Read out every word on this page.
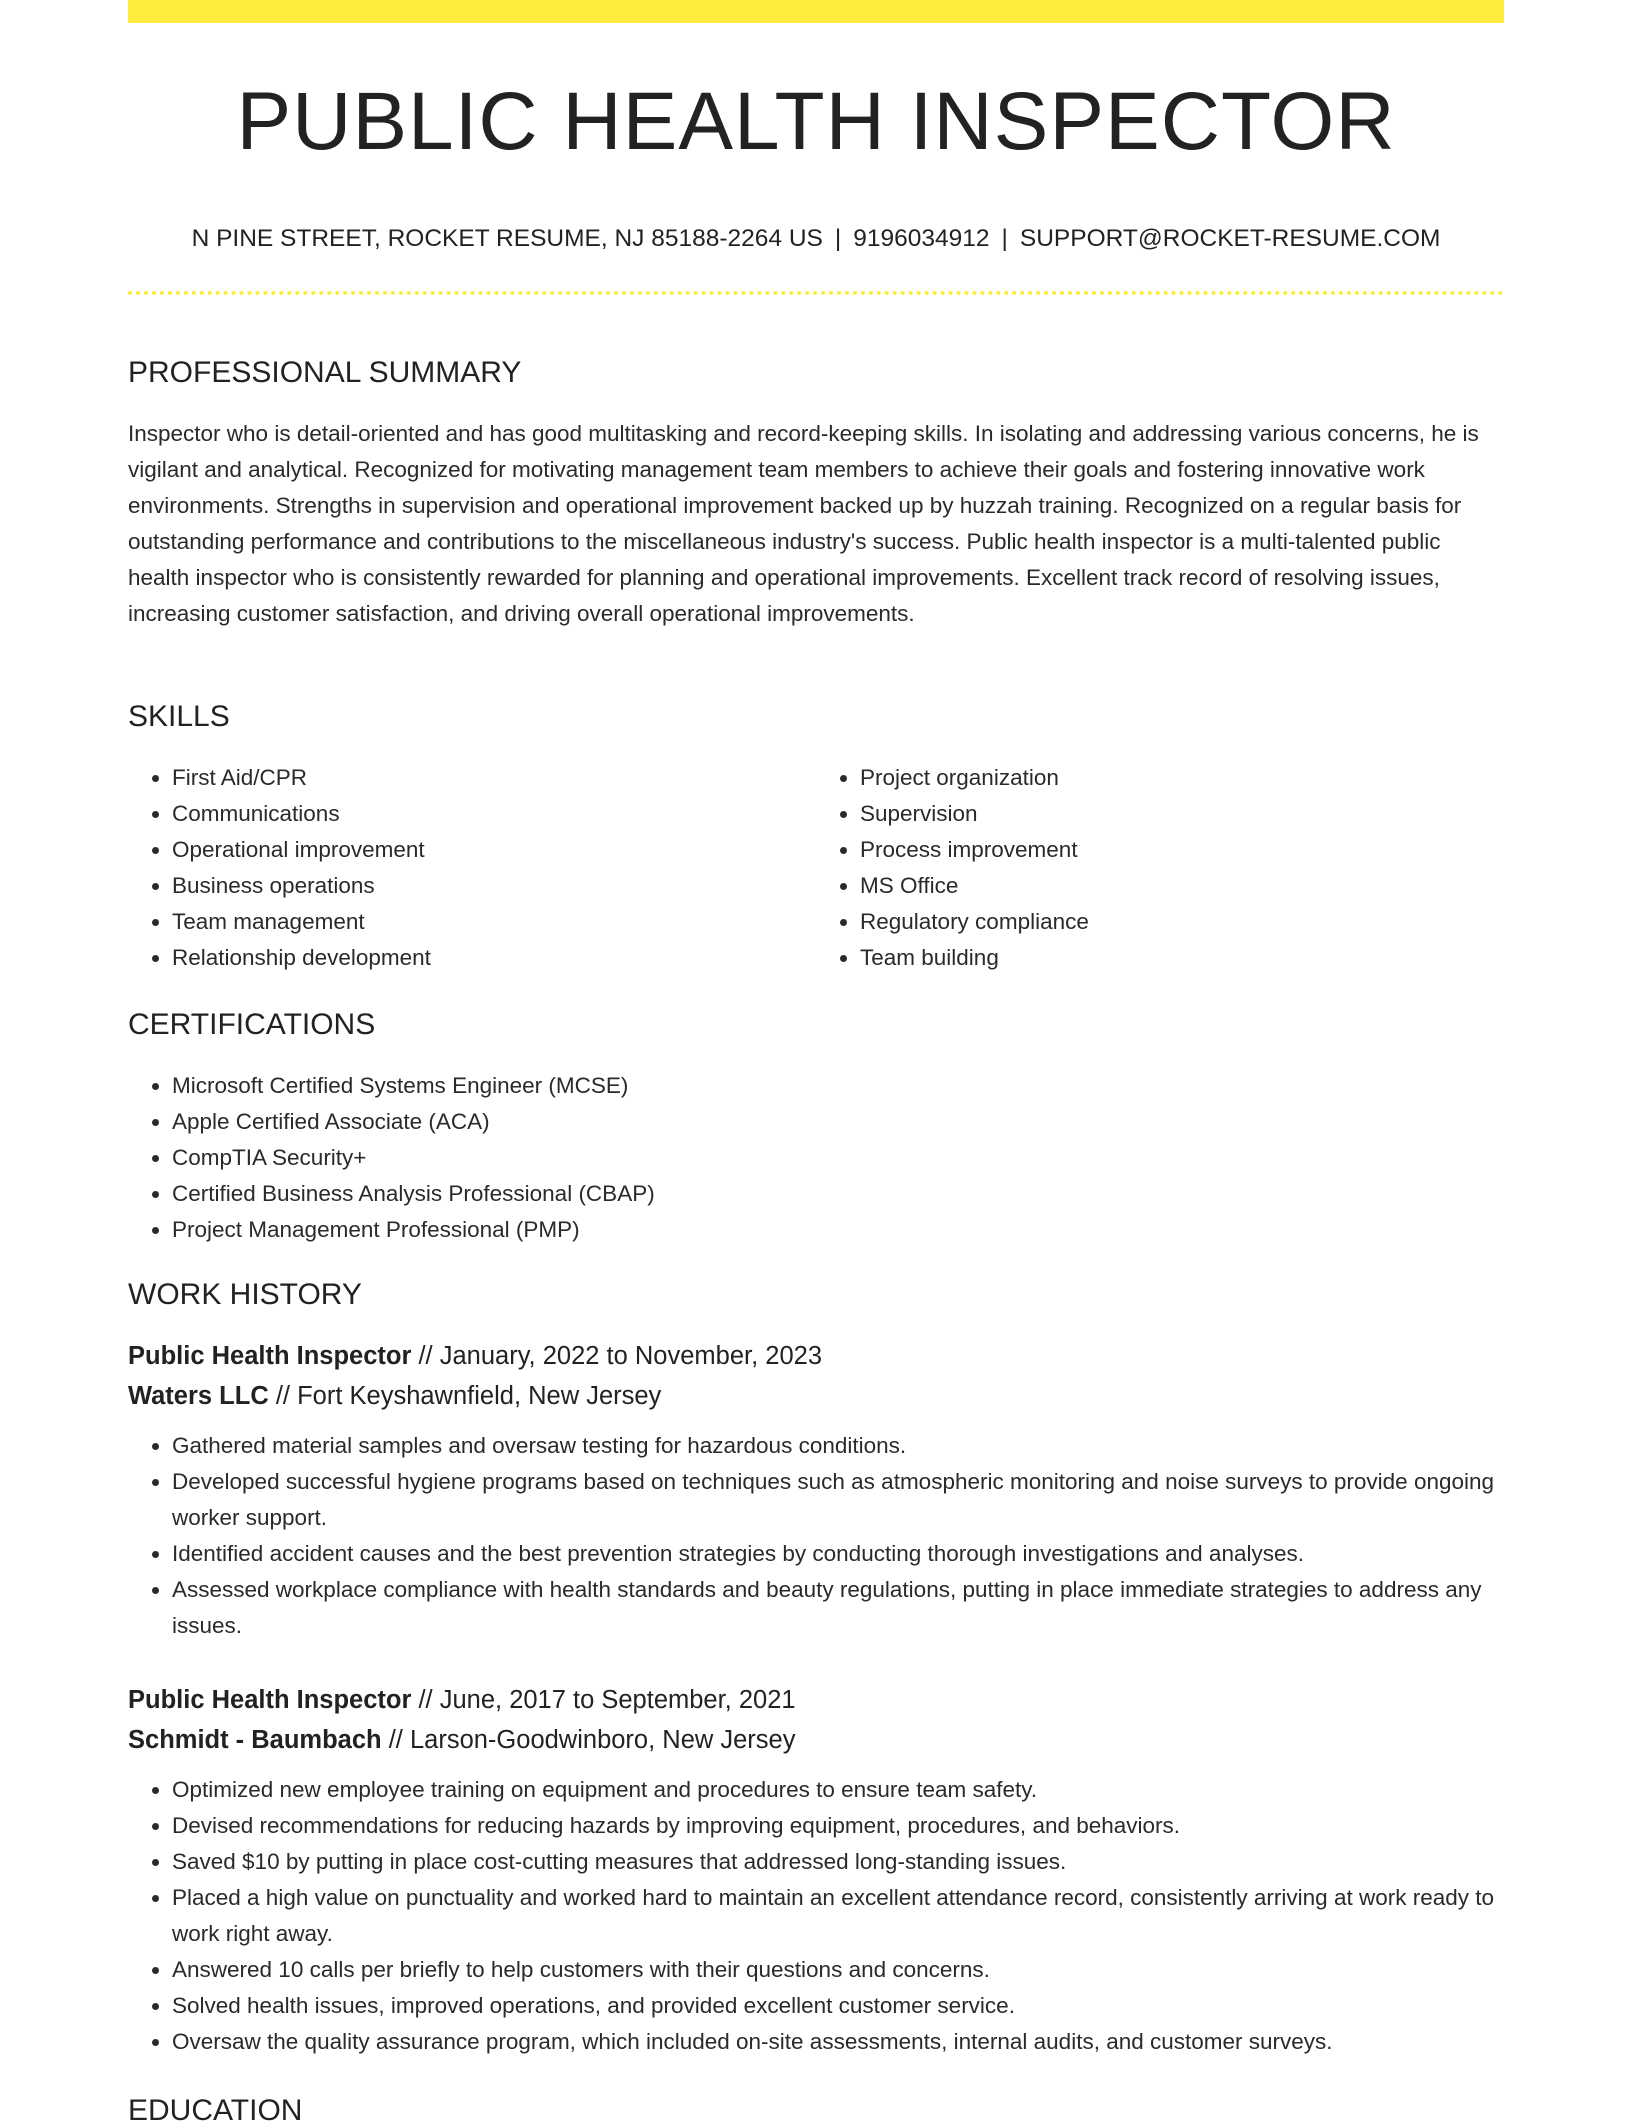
PUBLIC HEALTH INSPECTOR
N PINE STREET, ROCKET RESUME, NJ 85188-2264 US | 9196034912 | SUPPORT@ROCKET-RESUME.COM
PROFESSIONAL SUMMARY

Inspector who is detail-oriented and has good multitasking and record-keeping skills. In isolating and addressing various concerns, he is vigilant and analytical. Recognized for motivating management team members to achieve their goals and fostering innovative work environments. Strengths in supervision and operational improvement backed up by huzzah training. Recognized on a regular basis for outstanding performance and contributions to the miscellaneous industry's success. Public health inspector is a multi-talented public health inspector who is consistently rewarded for planning and operational improvements. Excellent track record of resolving issues, increasing customer satisfaction, and driving overall operational improvements.

SKILLS
• First Aid/CPR
• Communications
• Operational improvement
• Business operations
• Team management
• Relationship development
• Project organization
• Supervision
• Process improvement
• MS Office
• Regulatory compliance
• Team building
CERTIFICATIONS
• Microsoft Certified Systems Engineer (MCSE)
• Apple Certified Associate (ACA)
• CompTIA Security+
• Certified Business Analysis Professional (CBAP)
• Project Management Professional (PMP)
WORK HISTORY
Public Health Inspector // January, 2022 to November, 2023
Waters LLC // Fort Keyshawnfield, New Jersey
• Gathered material samples and oversaw testing for hazardous conditions.
• Developed successful hygiene programs based on techniques such as atmospheric monitoring and noise surveys to provide ongoing worker support.
• Identified accident causes and the best prevention strategies by conducting thorough investigations and analyses.
• Assessed workplace compliance with health standards and beauty regulations, putting in place immediate strategies to address any issues.
Public Health Inspector // June, 2017 to September, 2021
Schmidt - Baumbach // Larson-Goodwinboro, New Jersey
• Optimized new employee training on equipment and procedures to ensure team safety.
• Devised recommendations for reducing hazards by improving equipment, procedures, and behaviors.
• Saved $10 by putting in place cost-cutting measures that addressed long-standing issues.
• Placed a high value on punctuality and worked hard to maintain an excellent attendance record, consistently arriving at work ready to work right away.
• Answered 10 calls per briefly to help customers with their questions and concerns.
• Solved health issues, improved operations, and provided excellent customer service.
• Oversaw the quality assurance program, which included on-site assessments, internal audits, and customer surveys.
EDUCATION
